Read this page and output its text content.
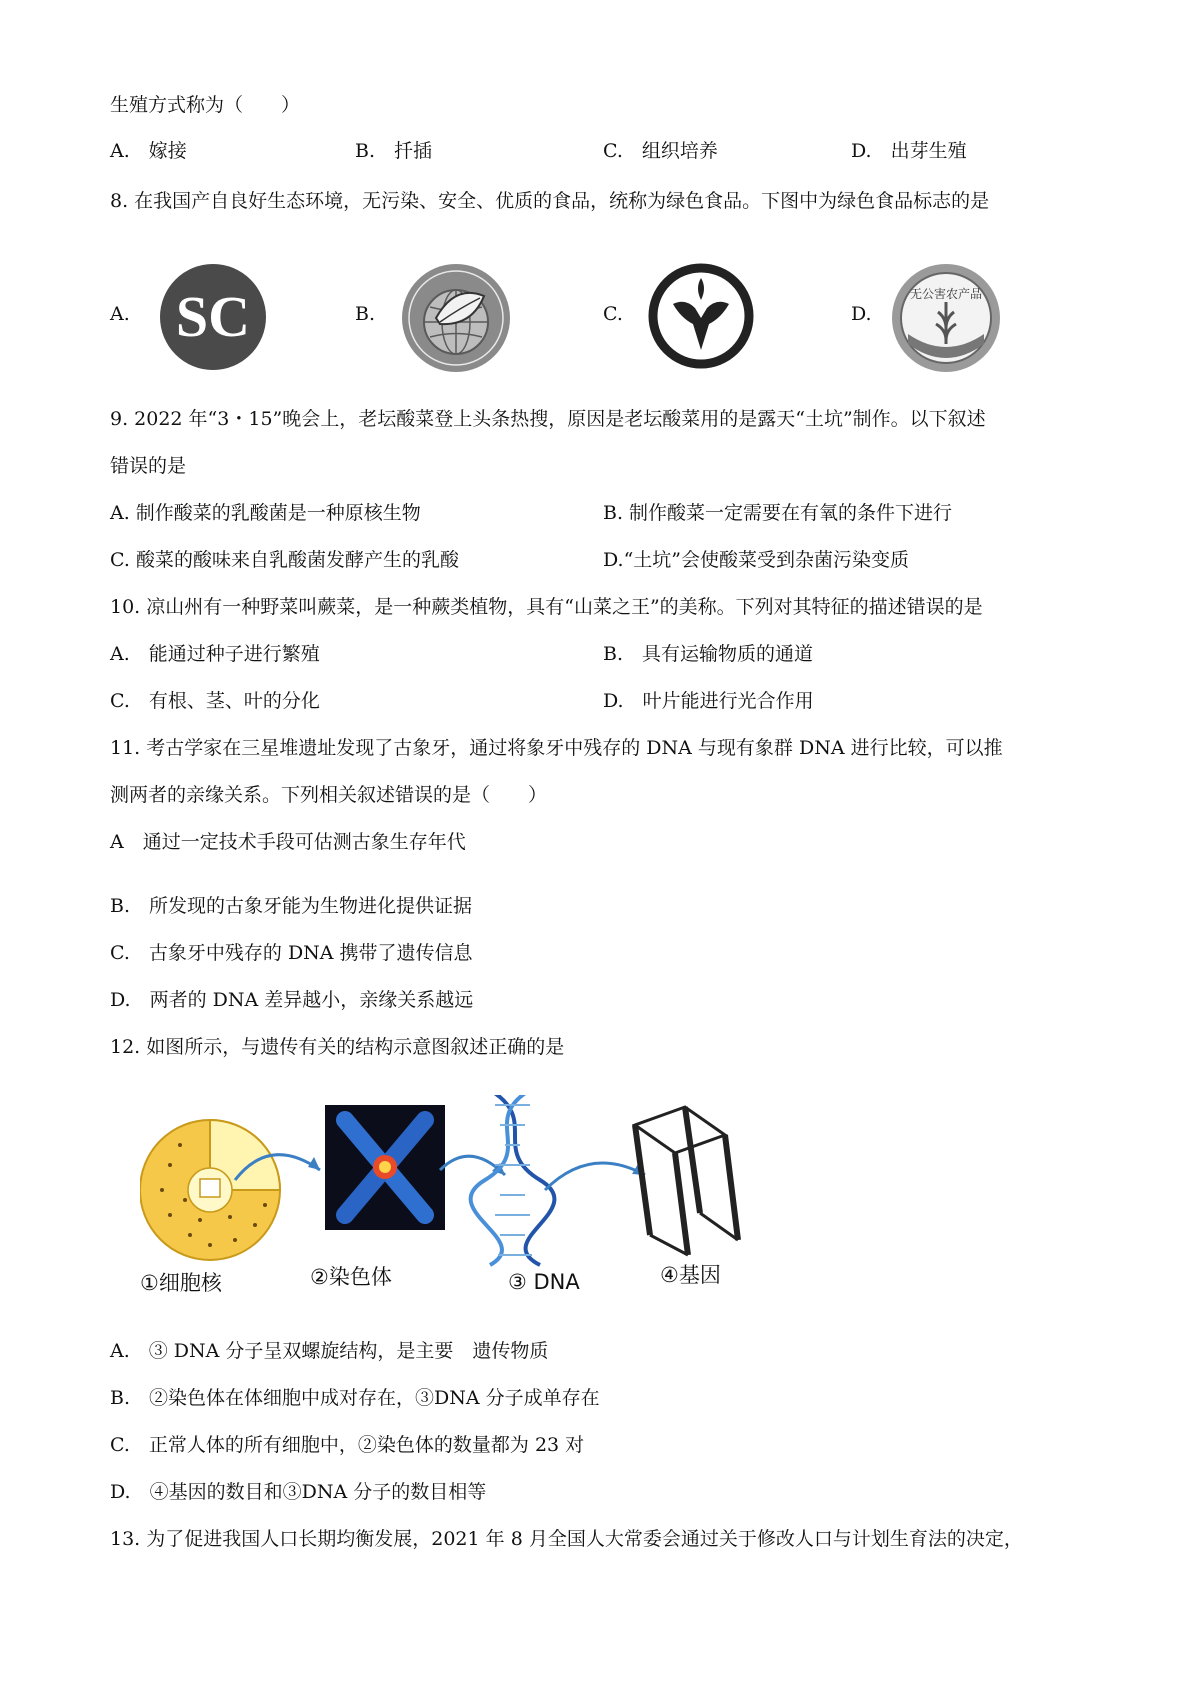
生殖方式称为（　　）
A.　嫁接	B.　扦插	C.　组织培养	D.　出芽生殖
8. 在我国产自良好生态环境，无污染、安全、优质的食品，统称为绿色食品。下图中为绿色食品标志的是
A.	B.	C.	D.
SC	无公害农产品
9. 2022 年“3・15”晚会上，老坛酸菜登上头条热搜，原因是老坛酸菜用的是露天“土坑”制作。以下叙述
错误的是
A. 制作酸菜的乳酸菌是一种原核生物	B. 制作酸菜一定需要在有氧的条件下进行
C. 酸菜的酸味来自乳酸菌发酵产生的乳酸	D.“土坑”会使酸菜受到杂菌污染变质
10. 凉山州有一种野菜叫蕨菜，是一种蕨类植物，具有“山菜之王”的美称。下列对其特征的描述错误的是
A.　能通过种子进行繁殖	B.　具有运输物质的通道
C.　有根、茎、叶的分化	D.　叶片能进行光合作用
11. 考古学家在三星堆遗址发现了古象牙，通过将象牙中残存的 DNA 与现有象群 DNA 进行比较，可以推
测两者的亲缘关系。下列相关叙述错误的是（　　）
A　通过一定技术手段可估测古象生存年代
B.　所发现的古象牙能为生物进化提供证据
C.　古象牙中残存的 DNA 携带了遗传信息
D.　两者的 DNA 差异越小，亲缘关系越远
12. 如图所示，与遗传有关的结构示意图叙述正确的是
①细胞核	②染色体	③ DNA	④基因
A.　③ DNA 分子呈双螺旋结构，是主要　遗传物质
B.　②染色体在体细胞中成对存在，③DNA 分子成单存在
C.　正常人体的所有细胞中，②染色体的数量都为 23 对
D.　④基因的数目和③DNA 分子的数目相等
13. 为了促进我国人口长期均衡发展，2021 年 8 月全国人大常委会通过关于修改人口与计划生育法的决定，
